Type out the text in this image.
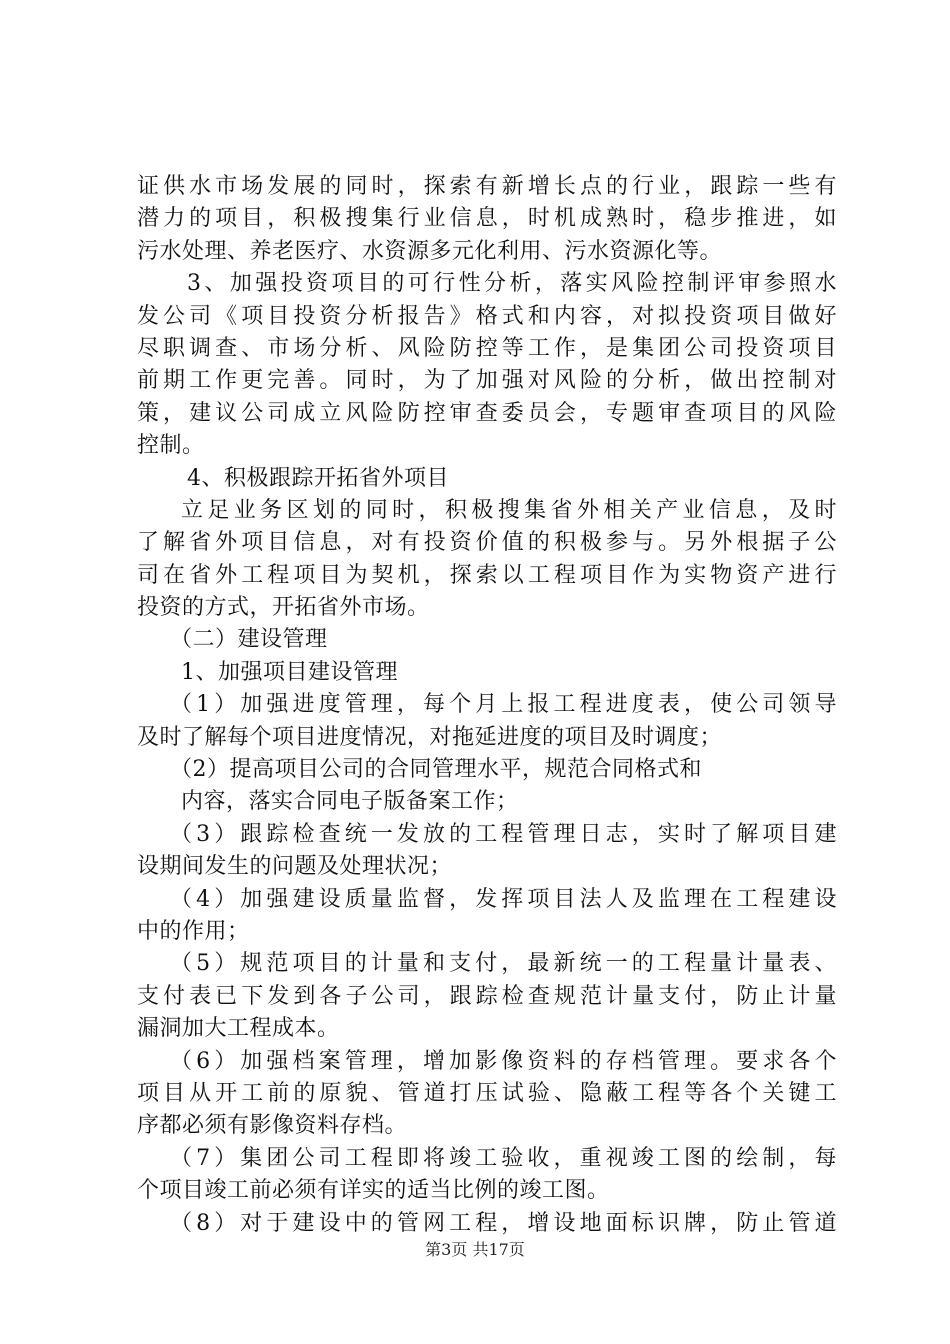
证供水市场发展的同时，探索有新增长点的行业，跟踪一些有
潜力的项目，积极搜集行业信息，时机成熟时，稳步推进，如
污水处理、养老医疗、水资源多元化利用、污水资源化等。
3、加强投资项目的可行性分析，落实风险控制评审参照水
发公司《项目投资分析报告》格式和内容，对拟投资项目做好
尽职调查、市场分析、风险防控等工作，是集团公司投资项目
前期工作更完善。同时，为了加强对风险的分析，做出控制对
策，建议公司成立风险防控审查委员会，专题审查项目的风险
控制。
4、积极跟踪开拓省外项目
立足业务区划的同时，积极搜集省外相关产业信息，及时
了解省外项目信息，对有投资价值的积极参与。另外根据子公
司在省外工程项目为契机，探索以工程项目作为实物资产进行
投资的方式，开拓省外市场。
（二）建设管理
1、加强项目建设管理
（1）加强进度管理，每个月上报工程进度表，使公司领导
及时了解每个项目进度情况，对拖延进度的项目及时调度；
（2）提高项目公司的合同管理水平，规范合同格式和
内容，落实合同电子版备案工作；
（3）跟踪检查统一发放的工程管理日志，实时了解项目建
设期间发生的问题及处理状况；
（4）加强建设质量监督，发挥项目法人及监理在工程建设
中的作用；
（5）规范项目的计量和支付，最新统一的工程量计量表、
支付表已下发到各子公司，跟踪检查规范计量支付，防止计量
漏洞加大工程成本。
（6）加强档案管理，增加影像资料的存档管理。要求各个
项目从开工前的原貌、管道打压试验、隐蔽工程等各个关键工
序都必须有影像资料存档。
（7）集团公司工程即将竣工验收，重视竣工图的绘制，每
个项目竣工前必须有详实的适当比例的竣工图。
（8）对于建设中的管网工程，增设地面标识牌，防止管道
第3页 共17页
